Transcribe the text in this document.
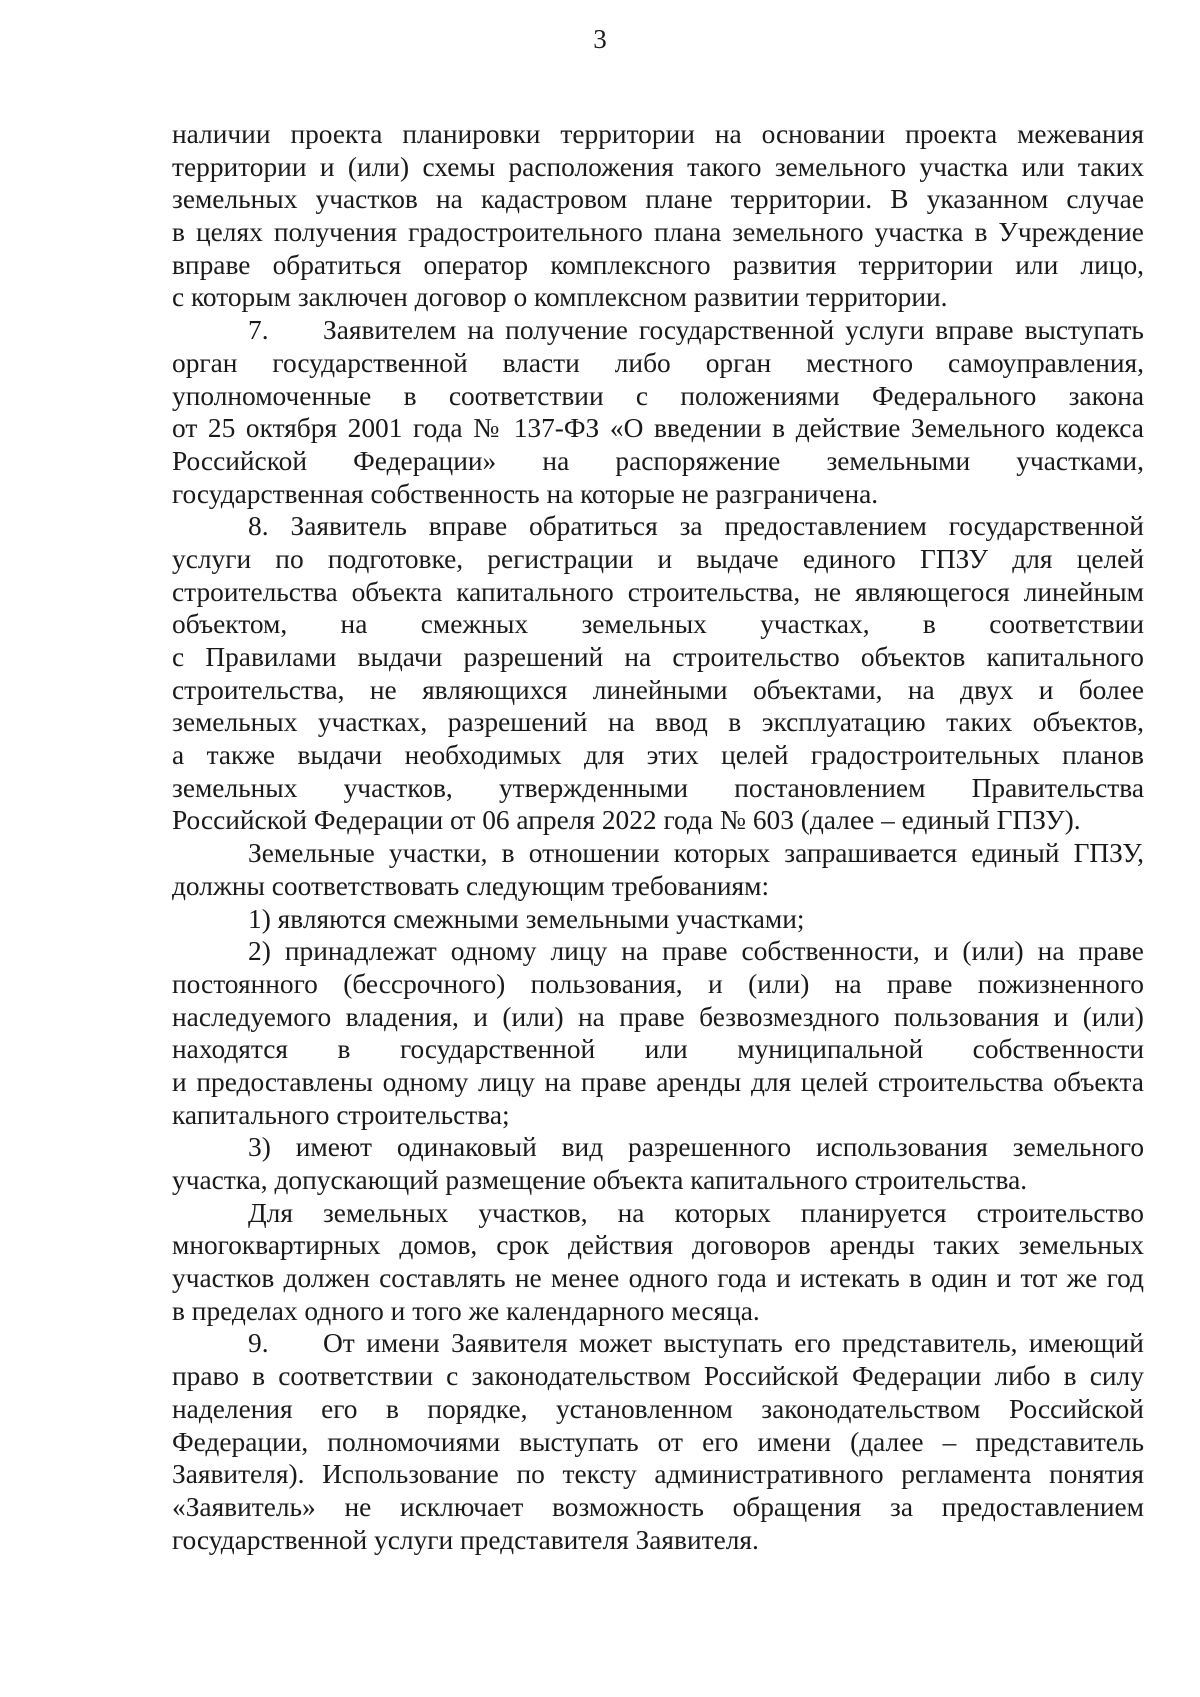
3
наличии проекта планировки территории на основании проекта межевания
территории и (или) схемы расположения такого земельного участка или таких
земельных участков на кадастровом плане территории. В указанном случае
в целях получения градостроительного плана земельного участка в Учреждение
вправе обратиться оператор комплексного развития территории или лицо,
с которым заключен договор о комплексном развитии территории.
7. Заявителем на получение государственной услуги вправе выступать
орган государственной власти либо орган местного самоуправления,
уполномоченные в соответствии с положениями Федерального закона
от 25 октября 2001 года № 137-ФЗ «О введении в действие Земельного кодекса
Российской Федерации» на распоряжение земельными участками,
государственная собственность на которые не разграничена.
8. Заявитель вправе обратиться за предоставлением государственной
услуги по подготовке, регистрации и выдаче единого ГПЗУ для целей
строительства объекта капитального строительства, не являющегося линейным
объектом, на смежных земельных участках, в соответствии
с Правилами выдачи разрешений на строительство объектов капитального
строительства, не являющихся линейными объектами, на двух и более
земельных участках, разрешений на ввод в эксплуатацию таких объектов,
а также выдачи необходимых для этих целей градостроительных планов
земельных участков, утвержденными постановлением Правительства
Российской Федерации от 06 апреля 2022 года № 603 (далее – единый ГПЗУ).
Земельные участки, в отношении которых запрашивается единый ГПЗУ,
должны соответствовать следующим требованиям:
1) являются смежными земельными участками;
2) принадлежат одному лицу на праве собственности, и (или) на праве
постоянного (бессрочного) пользования, и (или) на праве пожизненного
наследуемого владения, и (или) на праве безвозмездного пользования и (или)
находятся в государственной или муниципальной собственности
и предоставлены одному лицу на праве аренды для целей строительства объекта
капитального строительства;
3) имеют одинаковый вид разрешенного использования земельного
участка, допускающий размещение объекта капитального строительства.
Для земельных участков, на которых планируется строительство
многоквартирных домов, срок действия договоров аренды таких земельных
участков должен составлять не менее одного года и истекать в один и тот же год
в пределах одного и того же календарного месяца.
9. От имени Заявителя может выступать его представитель, имеющий
право в соответствии с законодательством Российской Федерации либо в силу
наделения его в порядке, установленном законодательством Российской
Федерации, полномочиями выступать от его имени (далее – представитель
Заявителя). Использование по тексту административного регламента понятия
«Заявитель» не исключает возможность обращения за предоставлением
государственной услуги представителя Заявителя.
